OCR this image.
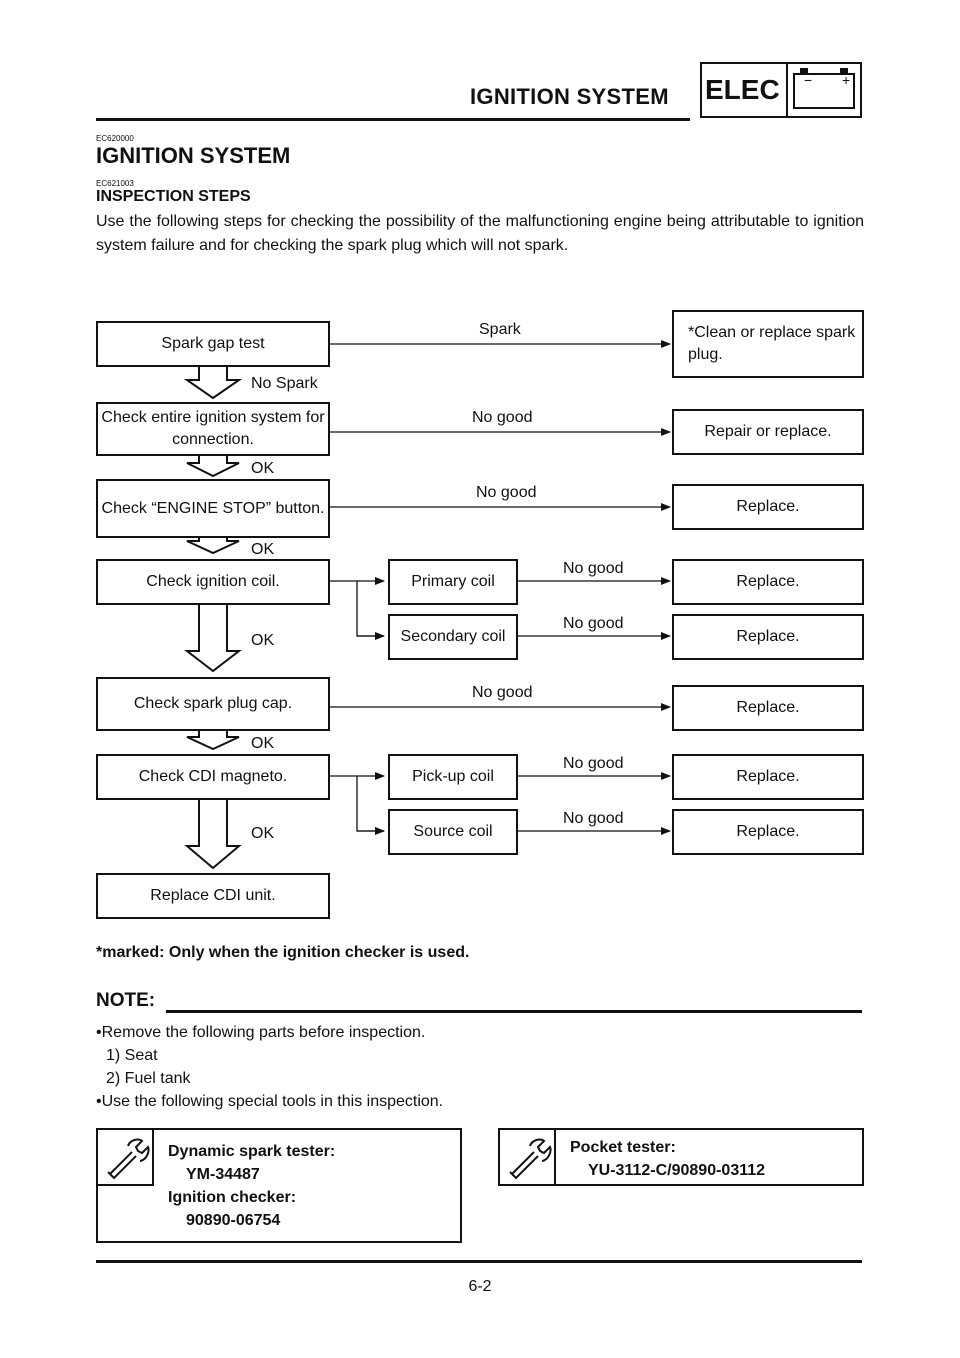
IGNITION SYSTEM ELEC − +
EC620000
IGNITION SYSTEM
EC621003
INSPECTION STEPS
Use the following steps for checking the possibility of the malfunctioning engine being attributable to ignition system failure and for checking the spark plug which will not spark.
Spark gap test
Check entire ignition system for connection.
Check “ENGINE STOP” button.
Check ignition coil.
Check spark plug cap.
Check CDI magneto.
Replace CDI unit.
Primary coil
Secondary coil
Pick-up coil
Source coil
*Clean or replace spark plug.
Repair or replace.
Replace.
Replace.
Replace.
Replace.
Replace.
Replace.
Spark
No Spark
No good
OK
No good
OK
No good
No good
OK
No good
OK
No good
No good
OK
*marked: Only when the ignition checker is used.
NOTE:
•Remove the following parts before inspection.
1) Seat
2) Fuel tank
•Use the following special tools in this inspection.
Dynamic spark tester:
YM-34487
Ignition checker:
90890-06754
Pocket tester:
YU-3112-C/90890-03112
6-2
